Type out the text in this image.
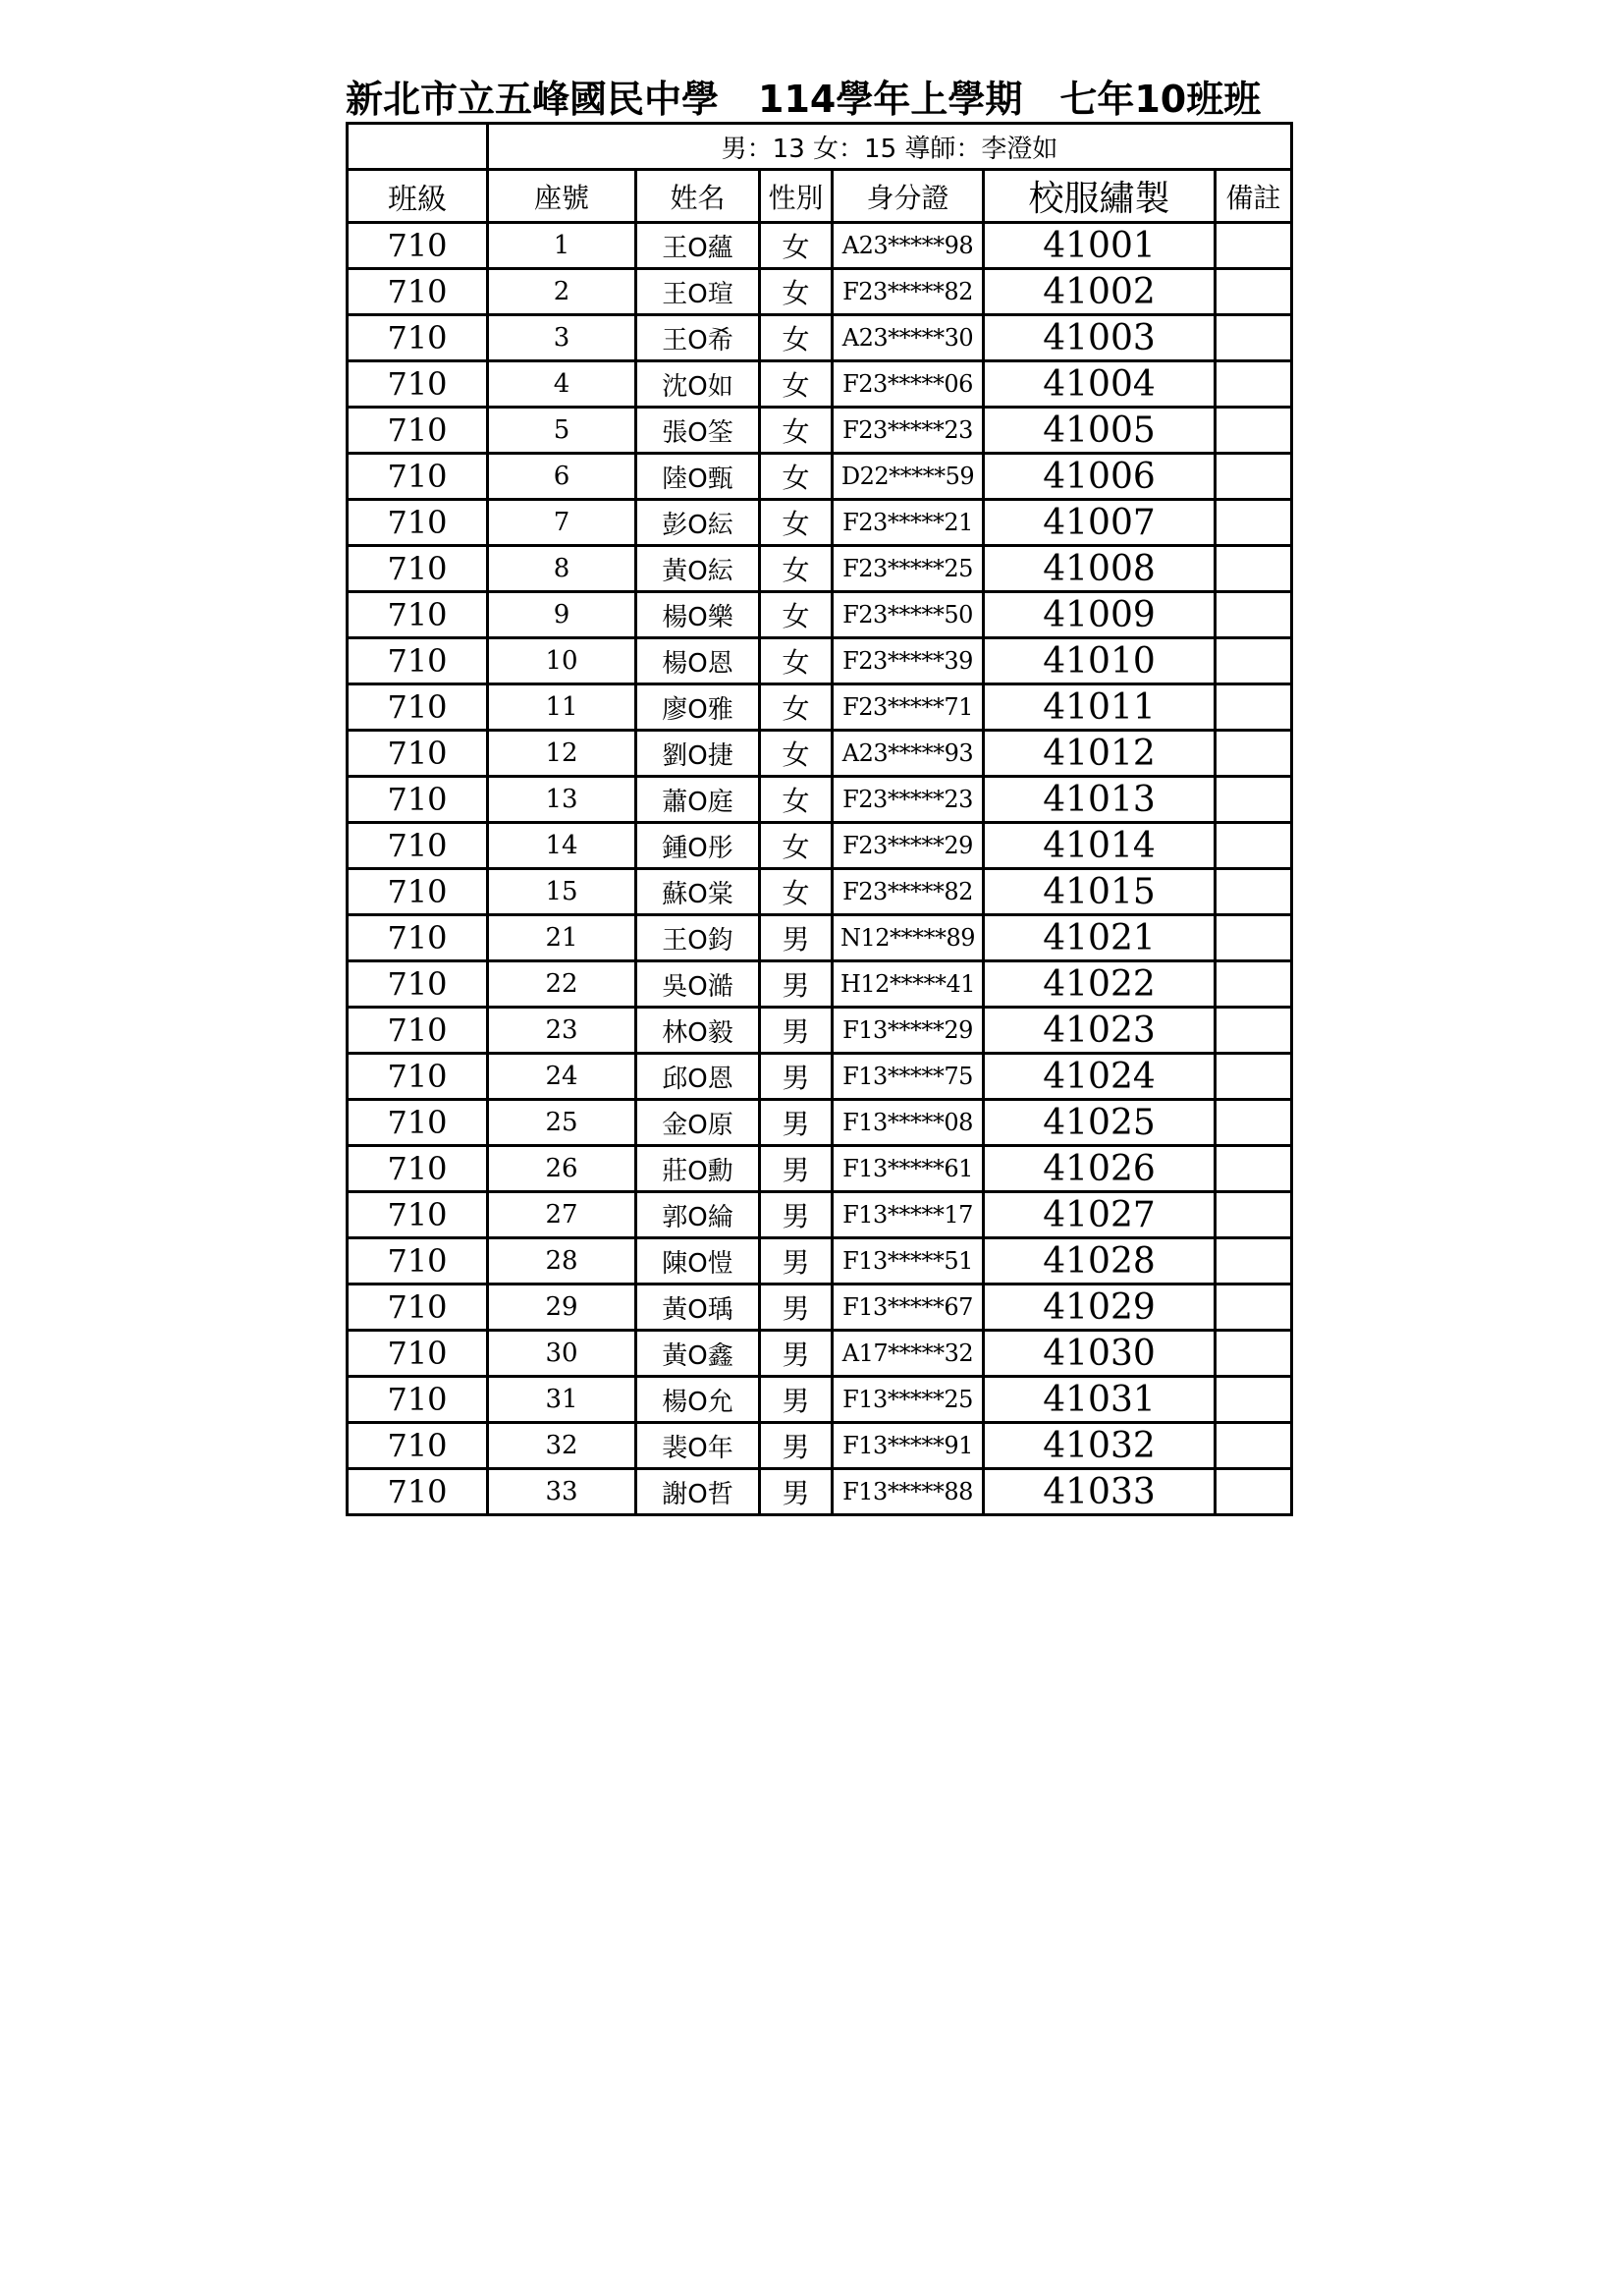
新北市立五峰國民中學 114學年上學期 七年10班班
	男：13 女：15 導師：李澄如					
班級	座號	姓名	性別	身分證	校服繡製	備註
710	1	王O蘊	女	A23*****98	41001	
710	2	王O瑄	女	F23*****82	41002	
710	3	王O希	女	A23*****30	41003	
710	4	沈O如	女	F23*****06	41004	
710	5	張O筌	女	F23*****23	41005	
710	6	陸O甄	女	D22*****59	41006	
710	7	彭O紜	女	F23*****21	41007	
710	8	黃O紜	女	F23*****25	41008	
710	9	楊O樂	女	F23*****50	41009	
710	10	楊O恩	女	F23*****39	41010	
710	11	廖O雅	女	F23*****71	41011	
710	12	劉O捷	女	A23*****93	41012	
710	13	蕭O庭	女	F23*****23	41013	
710	14	鍾O彤	女	F23*****29	41014	
710	15	蘇O棠	女	F23*****82	41015	
710	21	王O鈞	男	N12*****89	41021	
710	22	吳O澔	男	H12*****41	41022	
710	23	林O毅	男	F13*****29	41023	
710	24	邱O恩	男	F13*****75	41024	
710	25	金O原	男	F13*****08	41025	
710	26	莊O勳	男	F13*****61	41026	
710	27	郭O綸	男	F13*****17	41027	
710	28	陳O愷	男	F13*****51	41028	
710	29	黃O瑀	男	F13*****67	41029	
710	30	黃O鑫	男	A17*****32	41030	
710	31	楊O允	男	F13*****25	41031	
710	32	裴O年	男	F13*****91	41032	
710	33	謝O哲	男	F13*****88	41033	
